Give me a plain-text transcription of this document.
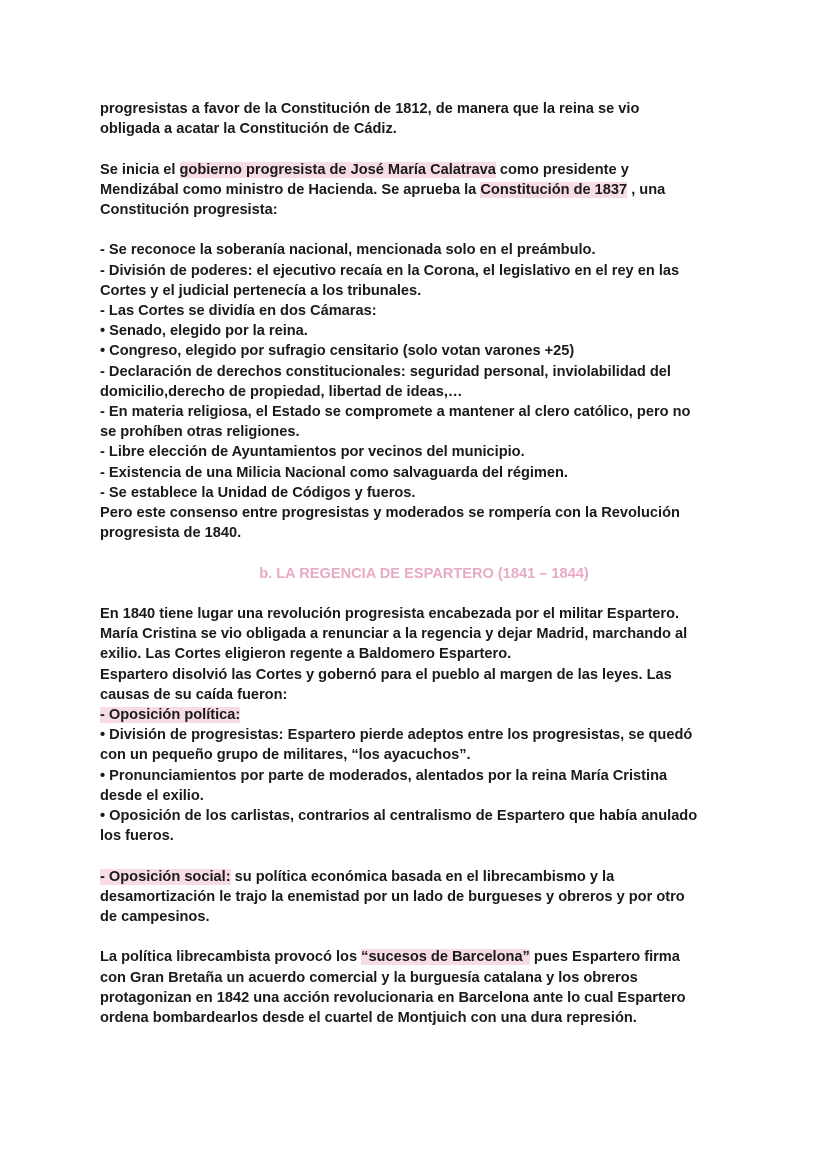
progresistas a favor de la Constitución de 1812, de manera que la reina se vio
obligada a acatar la Constitución de Cádiz.
Se inicia el gobierno progresista de José María Calatrava como presidente y
Mendizábal como ministro de Hacienda. Se aprueba la Constitución de 1837 , una
Constitución progresista:
- Se reconoce la soberanía nacional, mencionada solo en el preámbulo.
- División de poderes: el ejecutivo recaía en la Corona, el legislativo en el rey en las
Cortes y el judicial pertenecía a los tribunales.
- Las Cortes se dividía en dos Cámaras:
• Senado, elegido por la reina.
• Congreso, elegido por sufragio censitario (solo votan varones +25)
- Declaración de derechos constitucionales: seguridad personal, inviolabilidad del
domicilio,derecho de propiedad, libertad de ideas,…
- En materia religiosa, el Estado se compromete a mantener al clero católico, pero no
se prohíben otras religiones.
- Libre elección de Ayuntamientos por vecinos del municipio.
- Existencia de una Milicia Nacional como salvaguarda del régimen.
- Se establece la Unidad de Códigos y fueros.
Pero este consenso entre progresistas y moderados se rompería con la Revolución
progresista de 1840.
b. LA REGENCIA DE ESPARTERO (1841 – 1844)
En 1840 tiene lugar una revolución progresista encabezada por el militar Espartero.
María Cristina se vio obligada a renunciar a la regencia y dejar Madrid, marchando al
exilio. Las Cortes eligieron regente a Baldomero Espartero.
Espartero disolvió las Cortes y gobernó para el pueblo al margen de las leyes. Las
causas de su caída fueron:
- Oposición política:
• División de progresistas: Espartero pierde adeptos entre los progresistas, se quedó
con un pequeño grupo de militares, “los ayacuchos”.
• Pronunciamientos por parte de moderados, alentados por la reina María Cristina
desde el exilio.
• Oposición de los carlistas, contrarios al centralismo de Espartero que había anulado
los fueros.
- Oposición social: su política económica basada en el librecambismo y la
desamortización le trajo la enemistad por un lado de burgueses y obreros y por otro
de campesinos.
La política librecambista provocó los “sucesos de Barcelona” pues Espartero firma
con Gran Bretaña un acuerdo comercial y la burguesía catalana y los obreros
protagonizan en 1842 una acción revolucionaria en Barcelona ante lo cual Espartero
ordena bombardearlos desde el cuartel de Montjuich con una dura represión.
